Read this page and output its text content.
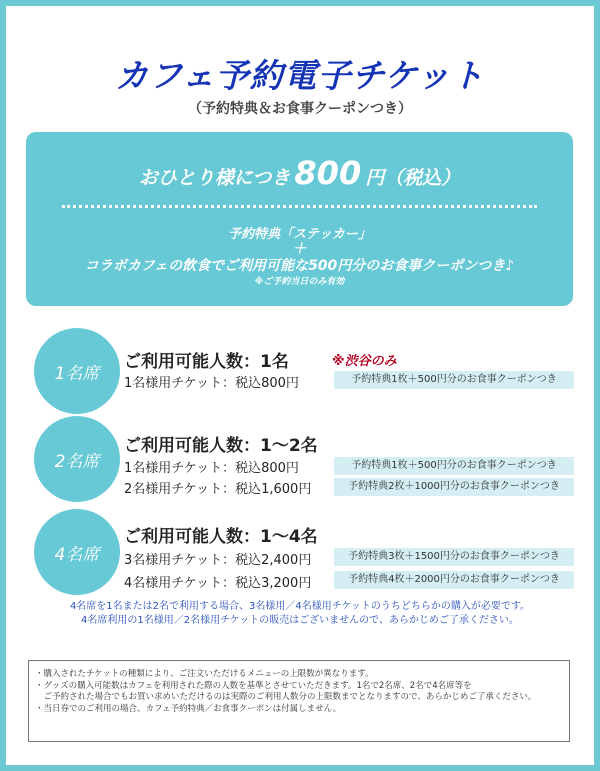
カフェ予約電子チケット
（予約特典＆お食事クーポンつき）
おひとり様につき 800 円（税込）
予約特典「ステッカー」
＋
コラボカフェの飲食でご利用可能な500円分のお食事クーポンつき♪
※ご予約当日のみ有効
1名席
ご利用可能人数：1名	※渋谷のみ
1名様用チケット：税込800円	予約特典1枚＋500円分のお食事クーポンつき
2名席
ご利用可能人数：1〜2名
1名様用チケット：税込800円	予約特典1枚＋500円分のお食事クーポンつき
2名様用チケット：税込1,600円	予約特典2枚＋1000円分のお食事クーポンつき
4名席
ご利用可能人数：1〜4名
3名様用チケット：税込2,400円	予約特典3枚＋1500円分のお食事クーポンつき
4名様用チケット：税込3,200円	予約特典4枚＋2000円分のお食事クーポンつき
4名席を1名または2名で利用する場合、3名様用／4名様用チケットのうちどちらかの購入が必要です。
4名席利用の1名様用／2名様用チケットの販売はございませんので、あらかじめご了承ください。
・購入されたチケットの種類により、ご注文いただけるメニューの上限数が異なります。
・グッズの購入可能数はカフェを利用された際の人数を基準とさせていただきます。1名で2名席、2名で4名席等を
　ご予約された場合でもお買い求めいただけるのは実際のご利用人数分の上限数までとなりますので、あらかじめご了承ください。
・当日券でのご利用の場合、カフェ予約特典／お食事クーポンは付属しません。
